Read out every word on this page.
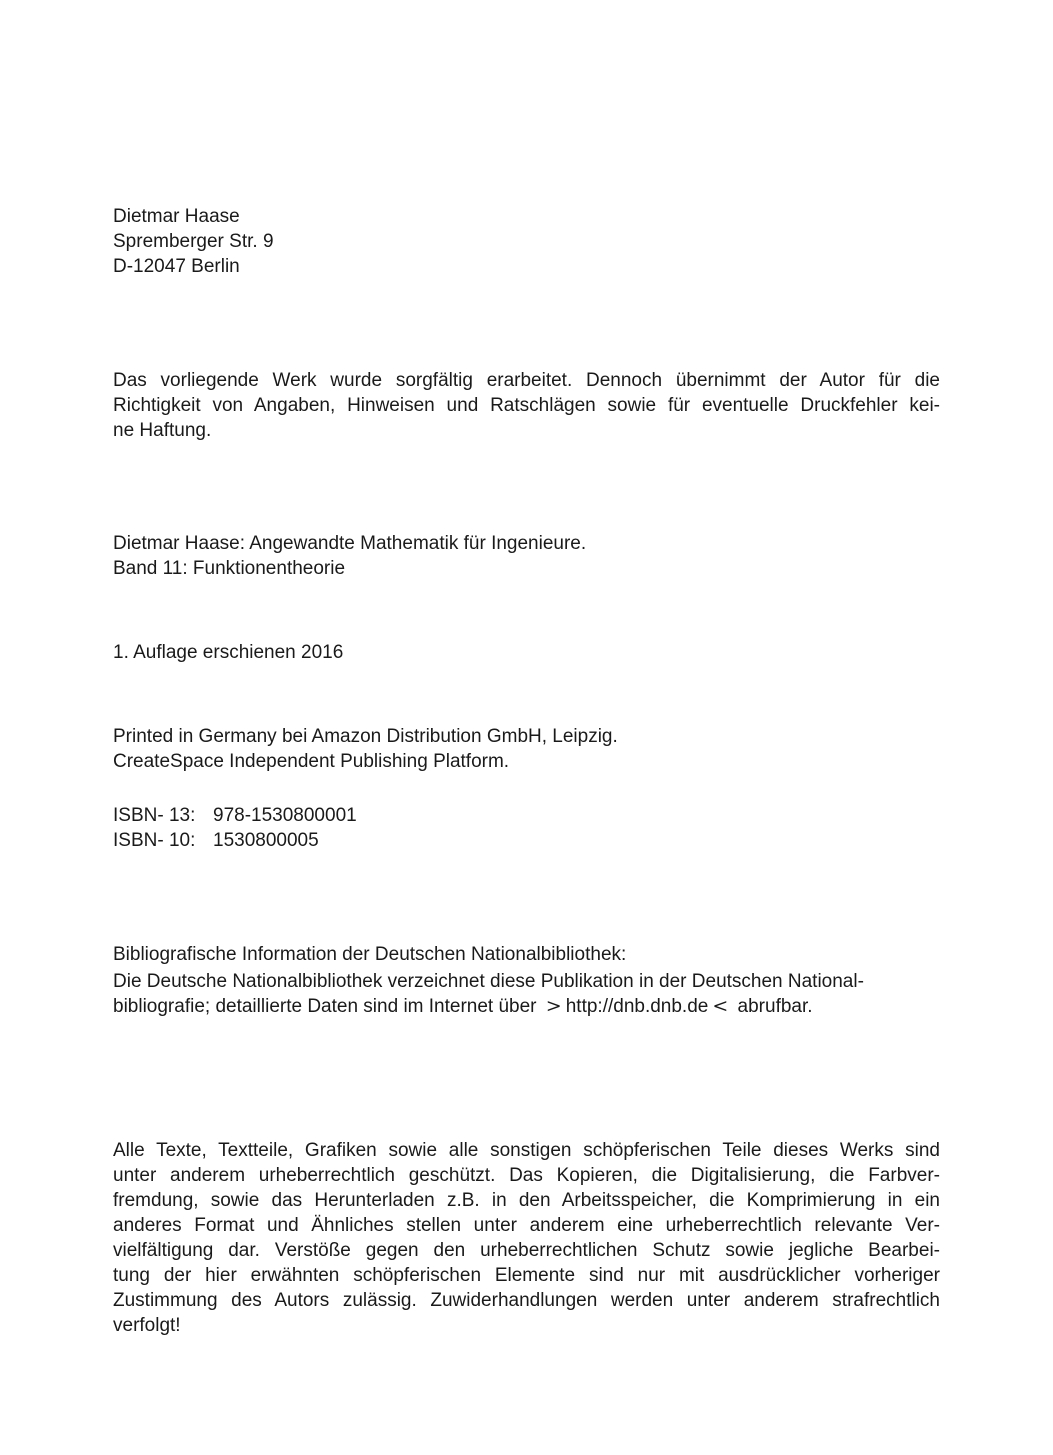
Dietmar Haase
Spremberger Str. 9
D-12047 Berlin
Das vorliegende Werk wurde sorgfältig erarbeitet. Dennoch übernimmt der Autor für die
Richtigkeit von Angaben, Hinweisen und Ratschlägen sowie für eventuelle Druckfehler kei-
ne Haftung.
Dietmar Haase: Angewandte Mathematik für Ingenieure.
Band 11: Funktionentheorie
1. Auflage erschienen 2016
Printed in Germany bei Amazon Distribution GmbH, Leipzig.
CreateSpace Independent Publishing Platform.
ISBN- 13: 978-1530800001
ISBN- 10: 1530800005
Bibliografische Information der Deutschen Nationalbibliothek:
Die Deutsche Nationalbibliothek verzeichnet diese Publikation in der Deutschen National-
bibliografie; detaillierte Daten sind im Internet über > http://dnb.dnb.de < abrufbar.
Alle Texte, Textteile, Grafiken sowie alle sonstigen schöpferischen Teile dieses Werks sind
unter anderem urheberrechtlich geschützt. Das Kopieren, die Digitalisierung, die Farbver-
fremdung, sowie das Herunterladen z.B. in den Arbeitsspeicher, die Komprimierung in ein
anderes Format und Ähnliches stellen unter anderem eine urheberrechtlich relevante Ver-
vielfältigung dar. Verstöße gegen den urheberrechtlichen Schutz sowie jegliche Bearbei-
tung der hier erwähnten schöpferischen Elemente sind nur mit ausdrücklicher vorheriger
Zustimmung des Autors zulässig. Zuwiderhandlungen werden unter anderem strafrechtlich
verfolgt!
